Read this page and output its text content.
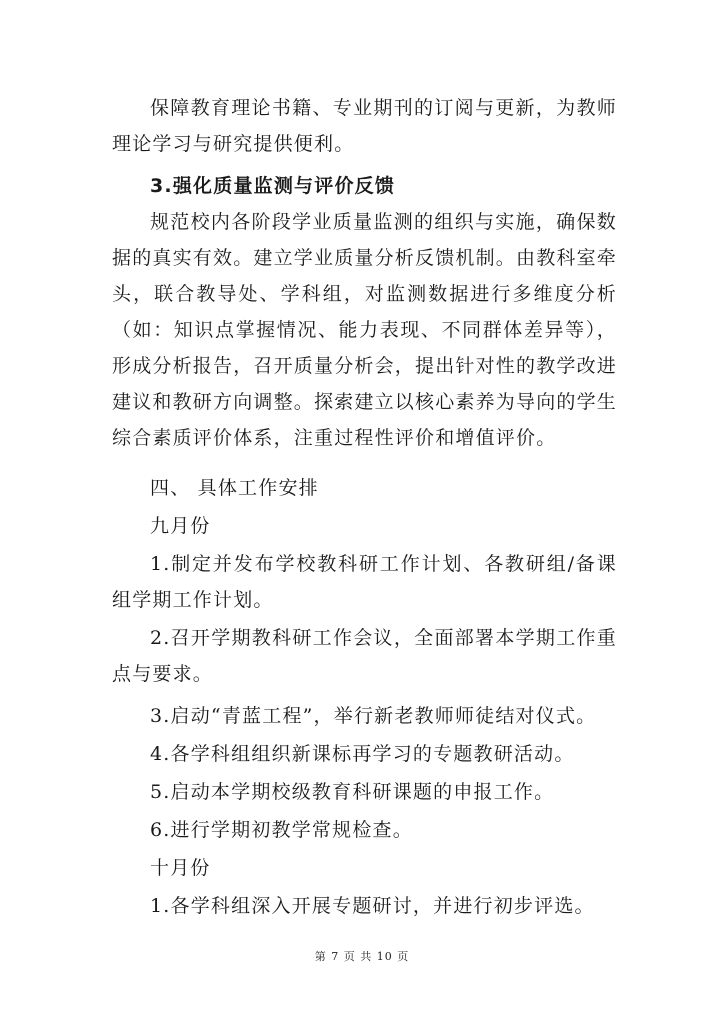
保障教育理论书籍、专业期刊的订阅与更新，为教师理论学习与研究提供便利。

3.强化质量监测与评价反馈

规范校内各阶段学业质量监测的组织与实施，确保数据的真实有效。建立学业质量分析反馈机制。由教科室牵头，联合教导处、学科组，对监测数据进行多维度分析（如：知识点掌握情况、能力表现、不同群体差异等），形成分析报告，召开质量分析会，提出针对性的教学改进建议和教研方向调整。探索建立以核心素养为导向的学生综合素质评价体系，注重过程性评价和增值评价。

四、 具体工作安排

九月份

1.制定并发布学校教科研工作计划、各教研组/备课组学期工作计划。

2.召开学期教科研工作会议，全面部署本学期工作重点与要求。

3.启动“青蓝工程”，举行新老教师师徒结对仪式。

4.各学科组组织新课标再学习的专题教研活动。

5.启动本学期校级教育科研课题的申报工作。

6.进行学期初教学常规检查。

十月份

1.各学科组深入开展专题研讨，并进行初步评选。

第 7 页 共 10 页
